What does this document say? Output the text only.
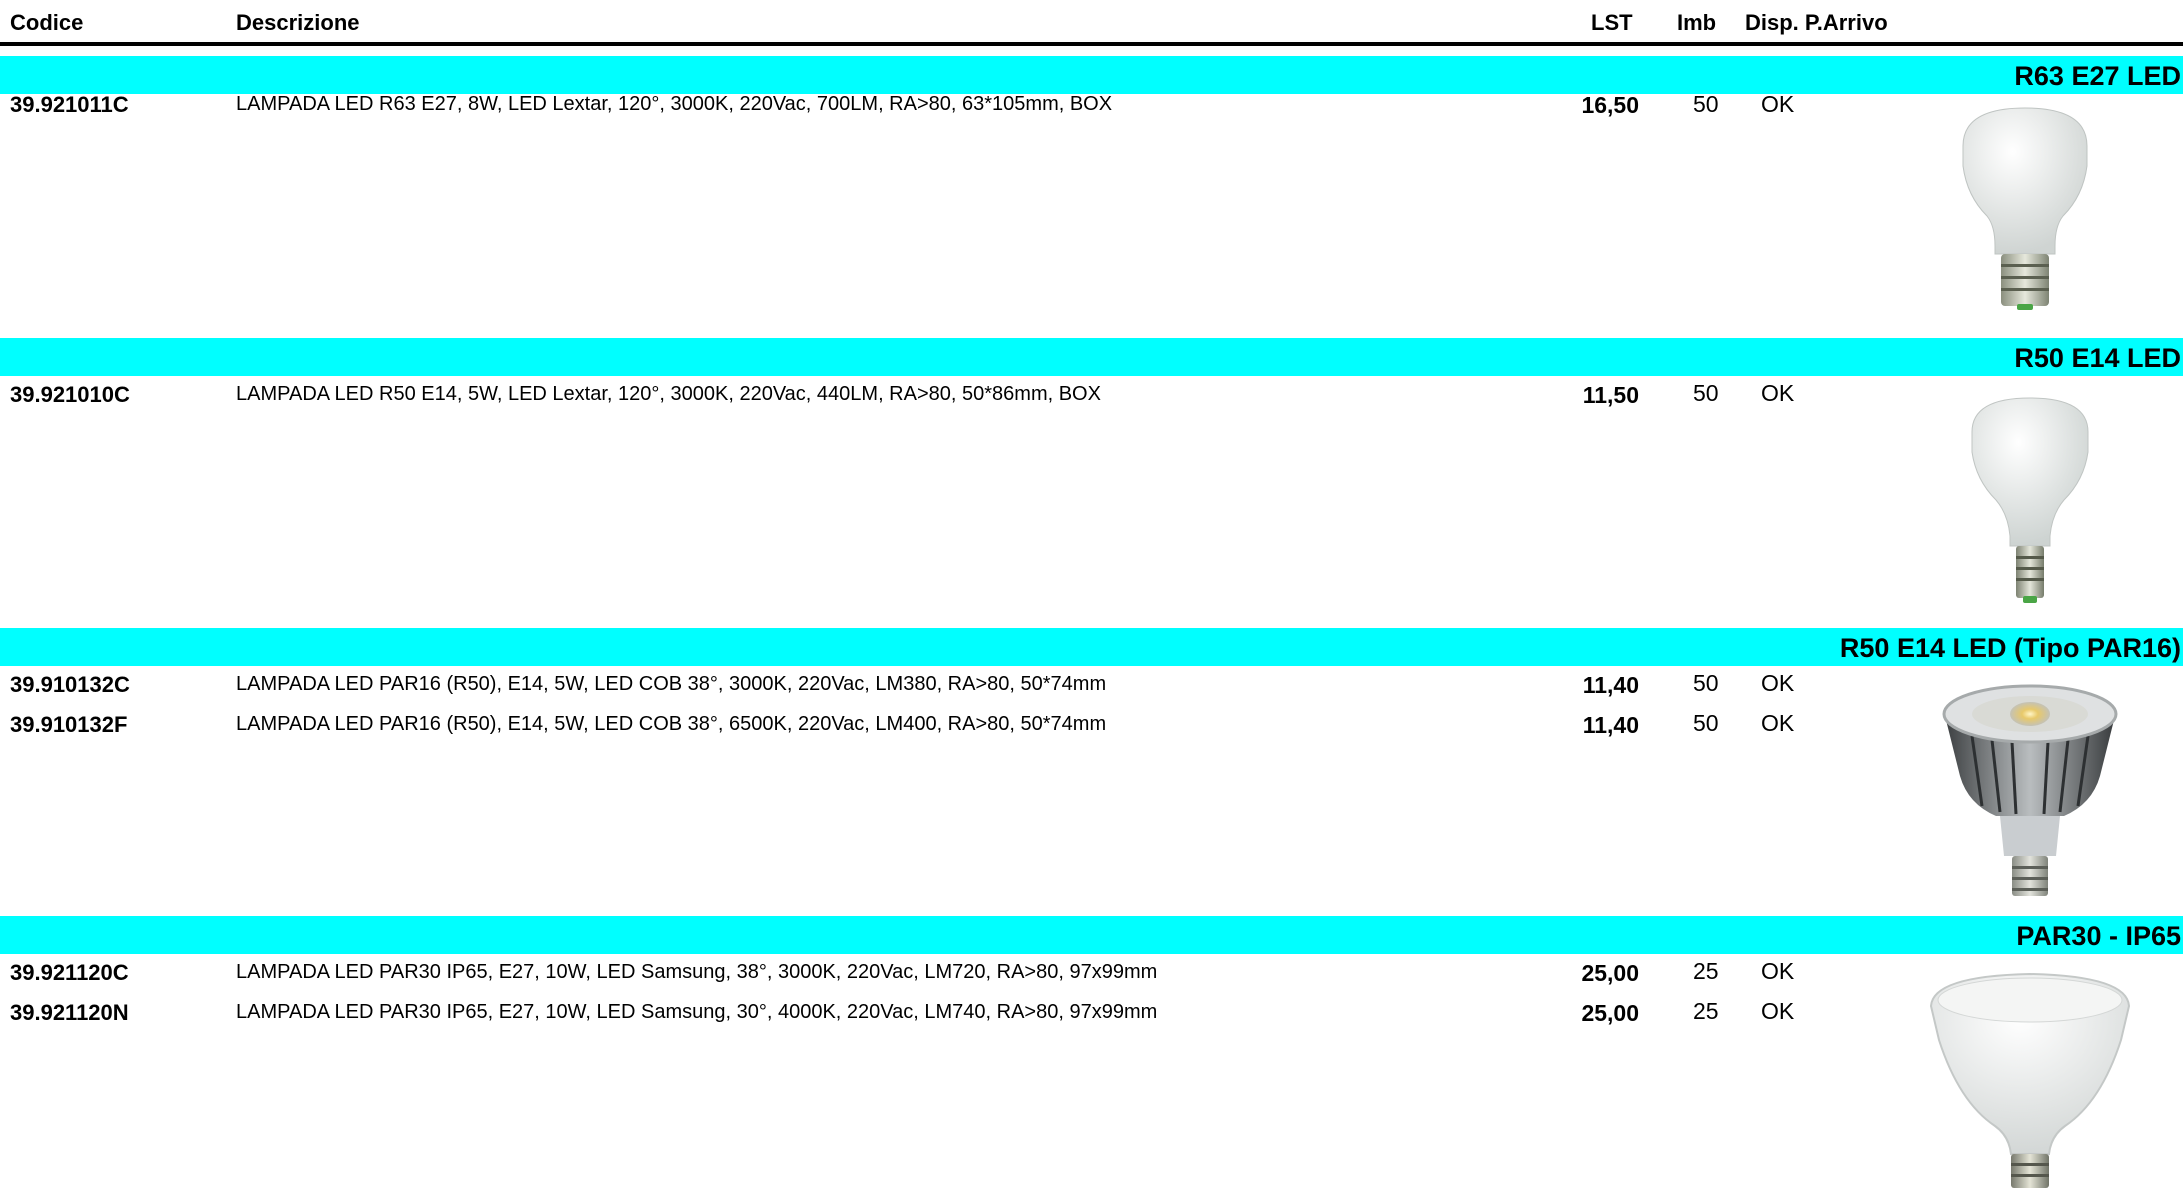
Codice	Descrizione	LST Imb Disp. P.Arrivo
R63 E27 LED
39.921011C	LAMPADA LED R63 E27, 8W, LED Lextar, 120°, 3000K, 220Vac, 700LM, RA>80, 63*105mm, BOX	16,50 50 OK
R50 E14 LED
39.921010C	LAMPADA LED R50 E14, 5W, LED Lextar, 120°, 3000K, 220Vac, 440LM, RA>80, 50*86mm, BOX	11,50 50 OK
R50 E14 LED (Tipo PAR16)
39.910132C	LAMPADA LED PAR16 (R50), E14, 5W, LED COB 38°, 3000K, 220Vac, LM380, RA>80, 50*74mm	11,40 50 OK
39.910132F	LAMPADA LED PAR16 (R50), E14, 5W, LED COB 38°, 6500K, 220Vac, LM400, RA>80, 50*74mm	11,40 50 OK
PAR30 - IP65
39.921120C	LAMPADA LED PAR30 IP65, E27, 10W, LED Samsung, 38°, 3000K, 220Vac, LM720, RA>80, 97x99mm	25,00 25 OK
39.921120N	LAMPADA LED PAR30 IP65, E27, 10W, LED Samsung, 30°, 4000K, 220Vac, LM740, RA>80, 97x99mm	25,00 25 OK
